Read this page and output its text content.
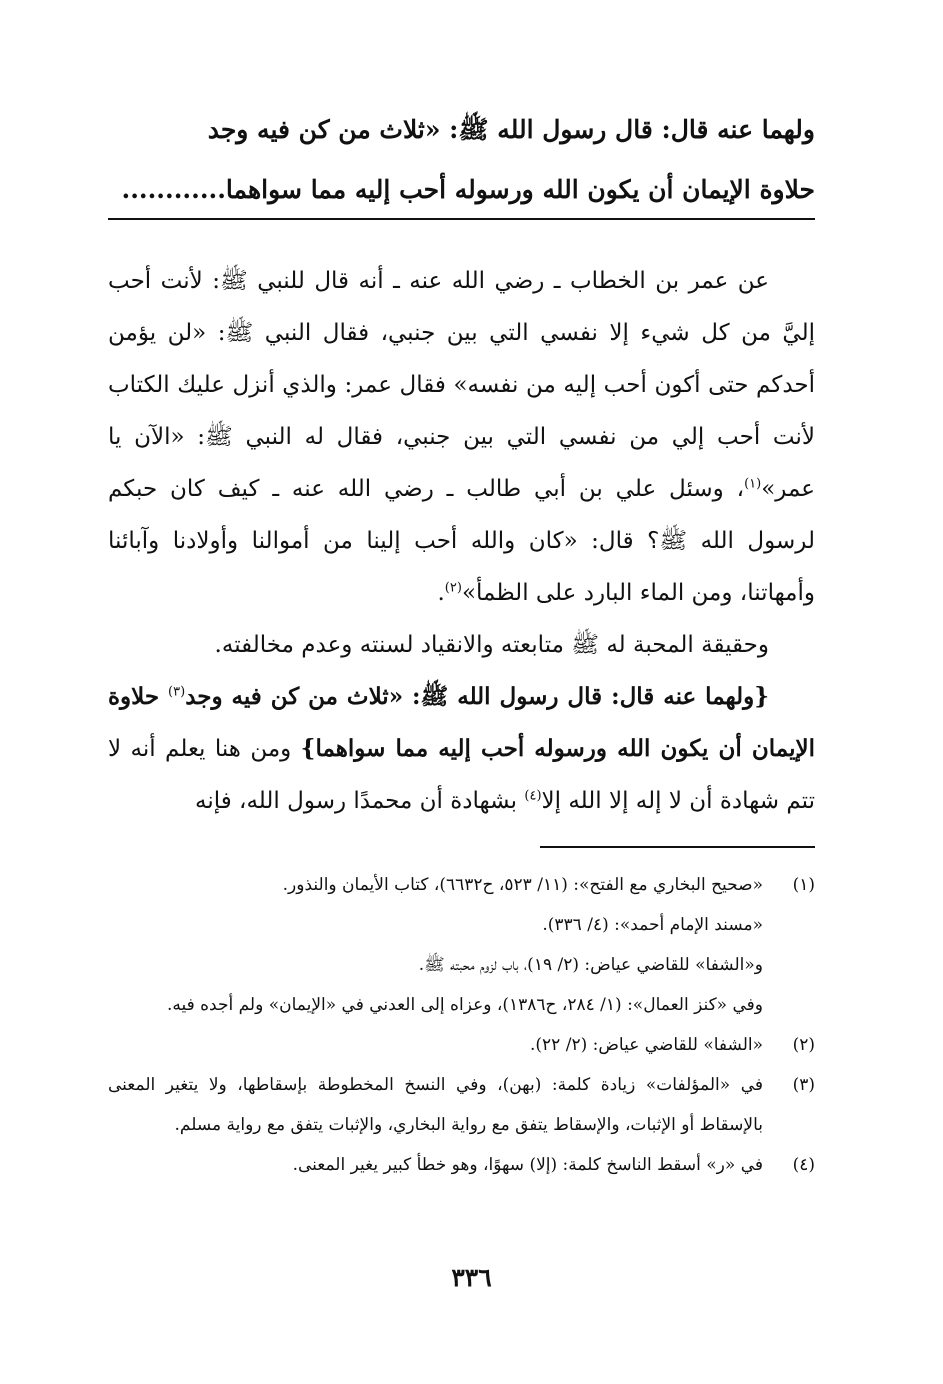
ولهما عنه قال: قال رسول الله ﷺ: «ثلاث من كن فيه وجد

حلاوة الإيمان أن يكون الله ورسوله أحب إليه مما سواهما............

عن عمر بن الخطاب ـ رضي الله عنه ـ أنه قال للنبي ﷺ: لأنت أحب إليَّ من كل شيء إلا نفسي التي بين جنبي، فقال النبي ﷺ: «لن يؤمن أحدكم حتى أكون أحب إليه من نفسه» فقال عمر: والذي أنزل عليك الكتاب لأنت أحب إلي من نفسي التي بين جنبي، فقال له النبي ﷺ: «الآن يا عمر»$^{(١)}$، وسئل علي بن أبي طالب ـ رضي الله عنه ـ كيف كان حبكم لرسول الله ﷺ؟ قال: «كان والله أحب إلينا من أموالنا وأولادنا وآبائنا وأمهاتنا، ومن الماء البارد على الظمأ»$^{(٢)}$.

وحقيقة المحبة له ﷺ متابعته والانقياد لسنته وعدم مخالفته.

{ولهما عنه قال: قال رسول الله ﷺ: «ثلاث من كن فيه وجد$^{(٣)}$ حلاوة الإيمان أن يكون الله ورسوله أحب إليه مما سواهما} ومن هنا يعلم أنه لا تتم شهادة أن لا إله إلا الله إلا$^{(٤)}$ بشهادة أن محمدًا رسول الله، فإنه

(١)
«صحيح البخاري مع الفتح»: (١١/ ٥٢٣، ح٦٦٣٢)، كتاب الأيمان والنذور.
«مسند الإمام أحمد»: (٤/ ٣٣٦).
و«الشفا» للقاضي عياض: (٢/ ١٩)، باب لزوم محبته ﷺ.
وفي «كنز العمال»: (١/ ٢٨٤، ح١٣٨٦)، وعزاه إلى العدني في «الإيمان» ولم أجده فيه.
(٢)
«الشفا» للقاضي عياض: (٢/ ٢٢).
(٣)
في «المؤلفات» زيادة كلمة: (بهن)، وفي النسخ المخطوطة بإسقاطها، ولا يتغير المعنى بالإسقاط أو الإثبات، والإسقاط يتفق مع رواية البخاري، والإثبات يتفق مع رواية مسلم.
(٤)
في «ر» أسقط الناسخ كلمة: (إلا) سهوًا، وهو خطأ كبير يغير المعنى.
٣٣٦
